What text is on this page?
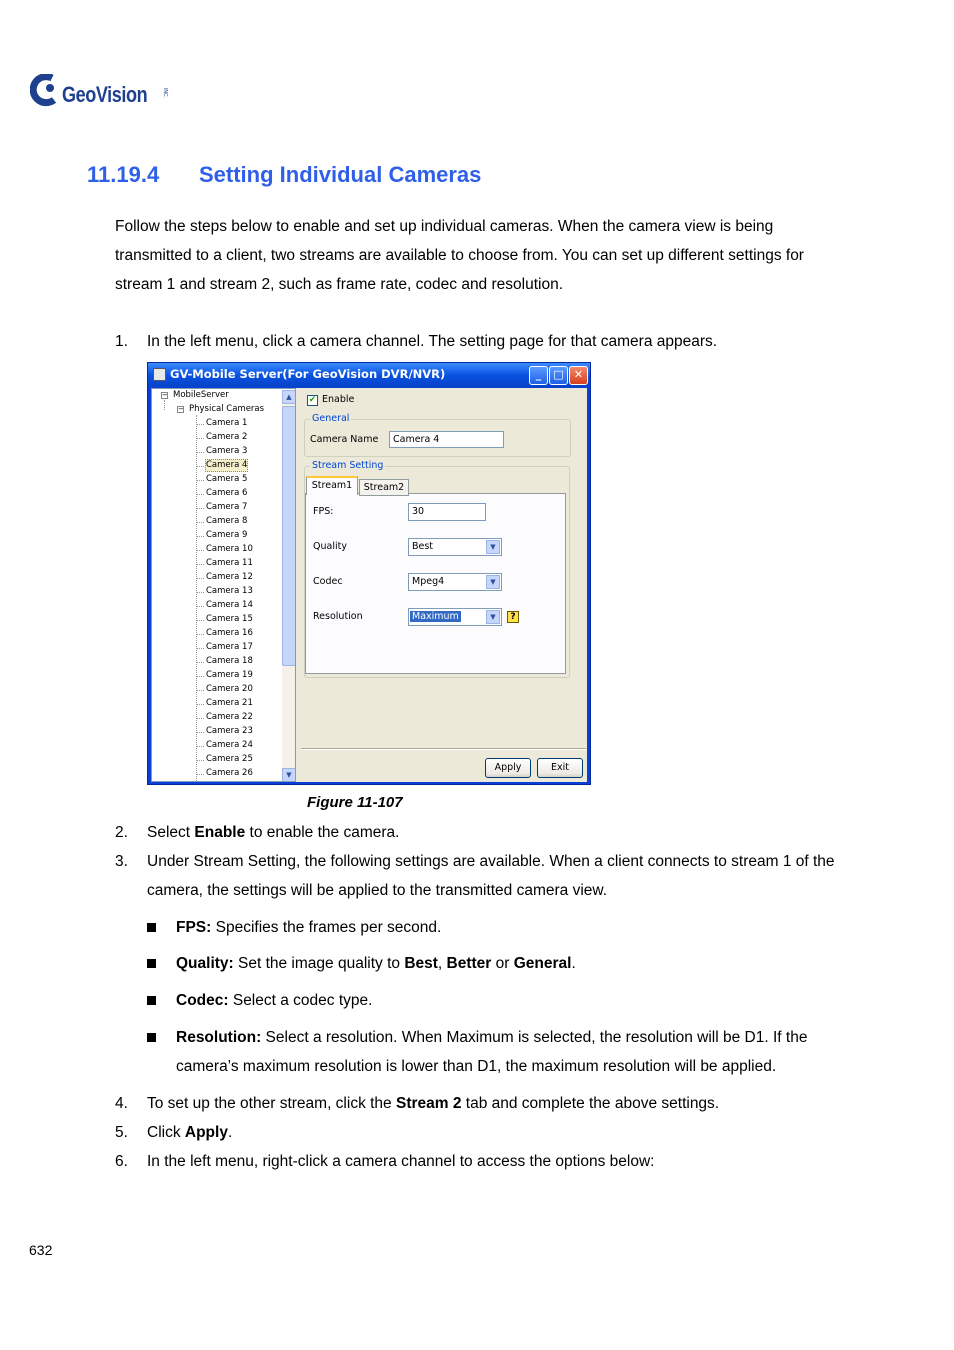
GeoVision	INC.
11.19.4 Setting Individual Cameras
Follow the steps below to enable and set up individual cameras. When the camera view is being transmitted to a client, two streams are available to choose from. You can set up different settings for stream 1 and stream 2, such as frame rate, codec and resolution.
1. In the left menu, click a camera channel. The setting page for that camera appears.
GV-Mobile Server(For GeoVision DVR/NVR)	_	□ ✕
− MobileServer
− Physical Cameras
Camera 1
Camera 2
Camera 3
Camera 4
Camera 5
Camera 6
Camera 7
Camera 8
Camera 9
Camera 10
Camera 11
Camera 12
Camera 13
Camera 14
Camera 15
Camera 16
Camera 17
Camera 18
Camera 19
Camera 20
Camera 21
Camera 22
Camera 23
Camera 24
Camera 25
Camera 26
▲
▼
✔ Enable
General
Camera Name	Camera 4
Stream Setting
Stream1	Stream2
FPS:	30
Quality	Best	▼
Codec	Mpeg4	▼
Resolution	Maximum	▼	?
Apply	Exit
Figure 11-107
2. Select Enable to enable the camera.
3. Under Stream Setting, the following settings are available. When a client connects to stream 1 of the camera, the settings will be applied to the transmitted camera view.
FPS: Specifies the frames per second.
Quality: Set the image quality to Best, Better or General.
Codec: Select a codec type.
Resolution: Select a resolution. When Maximum is selected, the resolution will be D1. If the camera’s maximum resolution is lower than D1, the maximum resolution will be applied.
4. To set up the other stream, click the Stream 2 tab and complete the above settings.
5. Click Apply.
6. In the left menu, right-click a camera channel to access the options below:
632
